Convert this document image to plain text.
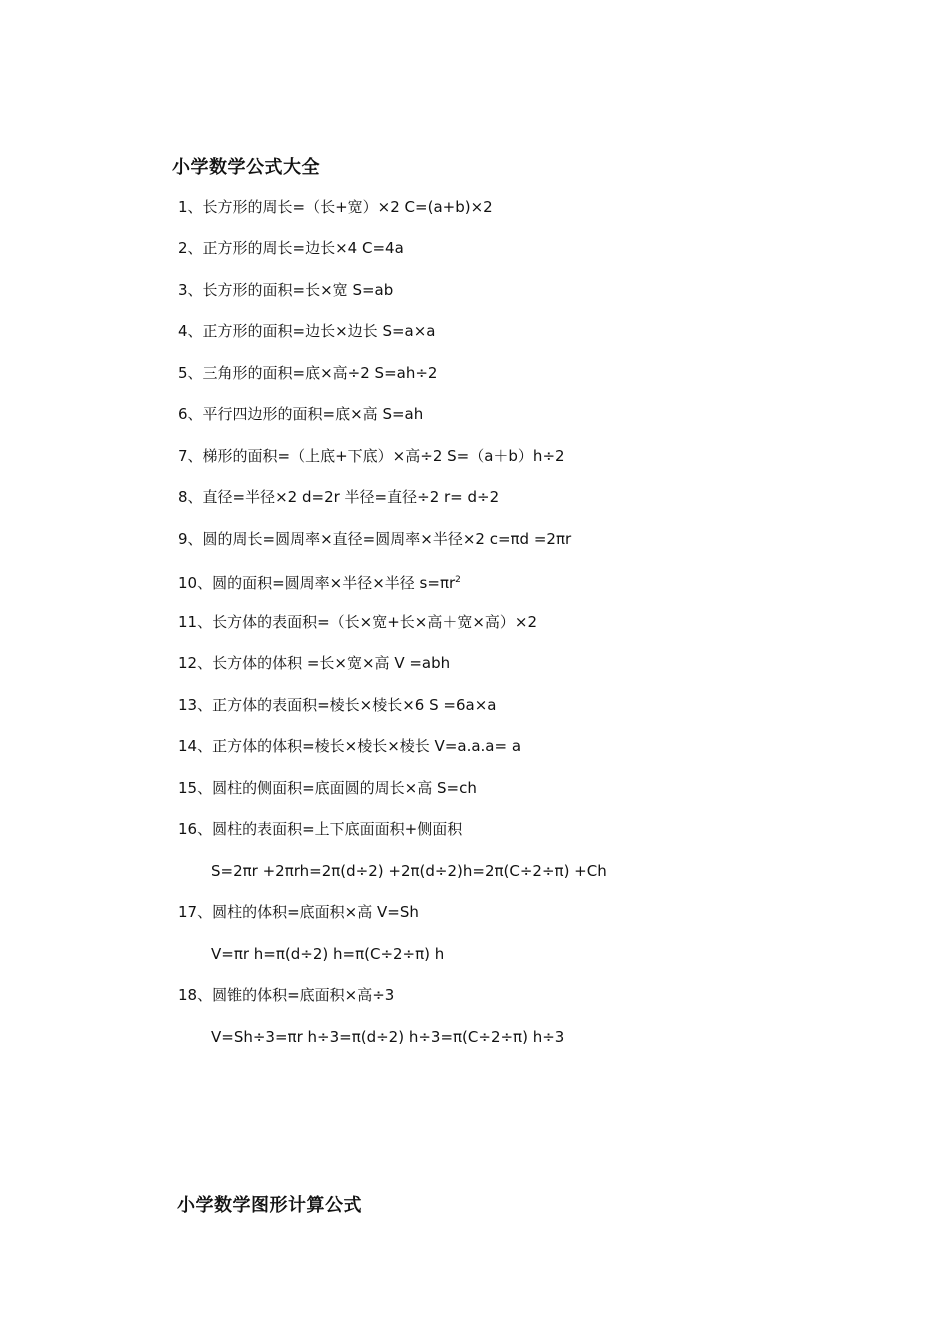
小学数学公式大全
1、长方形的周长=（长+宽）×2 C=(a+b)×2
2、正方形的周长=边长×4 C=4a
3、长方形的面积=长×宽 S=ab
4、正方形的面积=边长×边长 S=a×a
5、三角形的面积=底×高÷2 S=ah÷2
6、平行四边形的面积=底×高 S=ah
7、梯形的面积=（上底+下底）×高÷2 S=（a＋b）h÷2
8、直径=半径×2 d=2r 半径=直径÷2 r= d÷2
9、圆的周长=圆周率×直径=圆周率×半径×2 c=πd =2πr
10、圆的面积=圆周率×半径×半径 $s=\pi r^2$
11、长方体的表面积=（长×宽+长×高＋宽×高）×2
12、长方体的体积 =长×宽×高 V =abh
13、正方体的表面积=棱长×棱长×6 S =6a×a
14、正方体的体积=棱长×棱长×棱长 V=a.a.a= a
15、圆柱的侧面积=底面圆的周长×高 S=ch
16、圆柱的表面积=上下底面面积+侧面积
S=2πr +2πrh=2π(d÷2) +2π(d÷2)h=2π(C÷2÷π) +Ch
17、圆柱的体积=底面积×高 V=Sh
V=πr h=π(d÷2) h=π(C÷2÷π) h
18、圆锥的体积=底面积×高÷3
V=Sh÷3=πr h÷3=π(d÷2) h÷3=π(C÷2÷π) h÷3
小学数学图形计算公式
